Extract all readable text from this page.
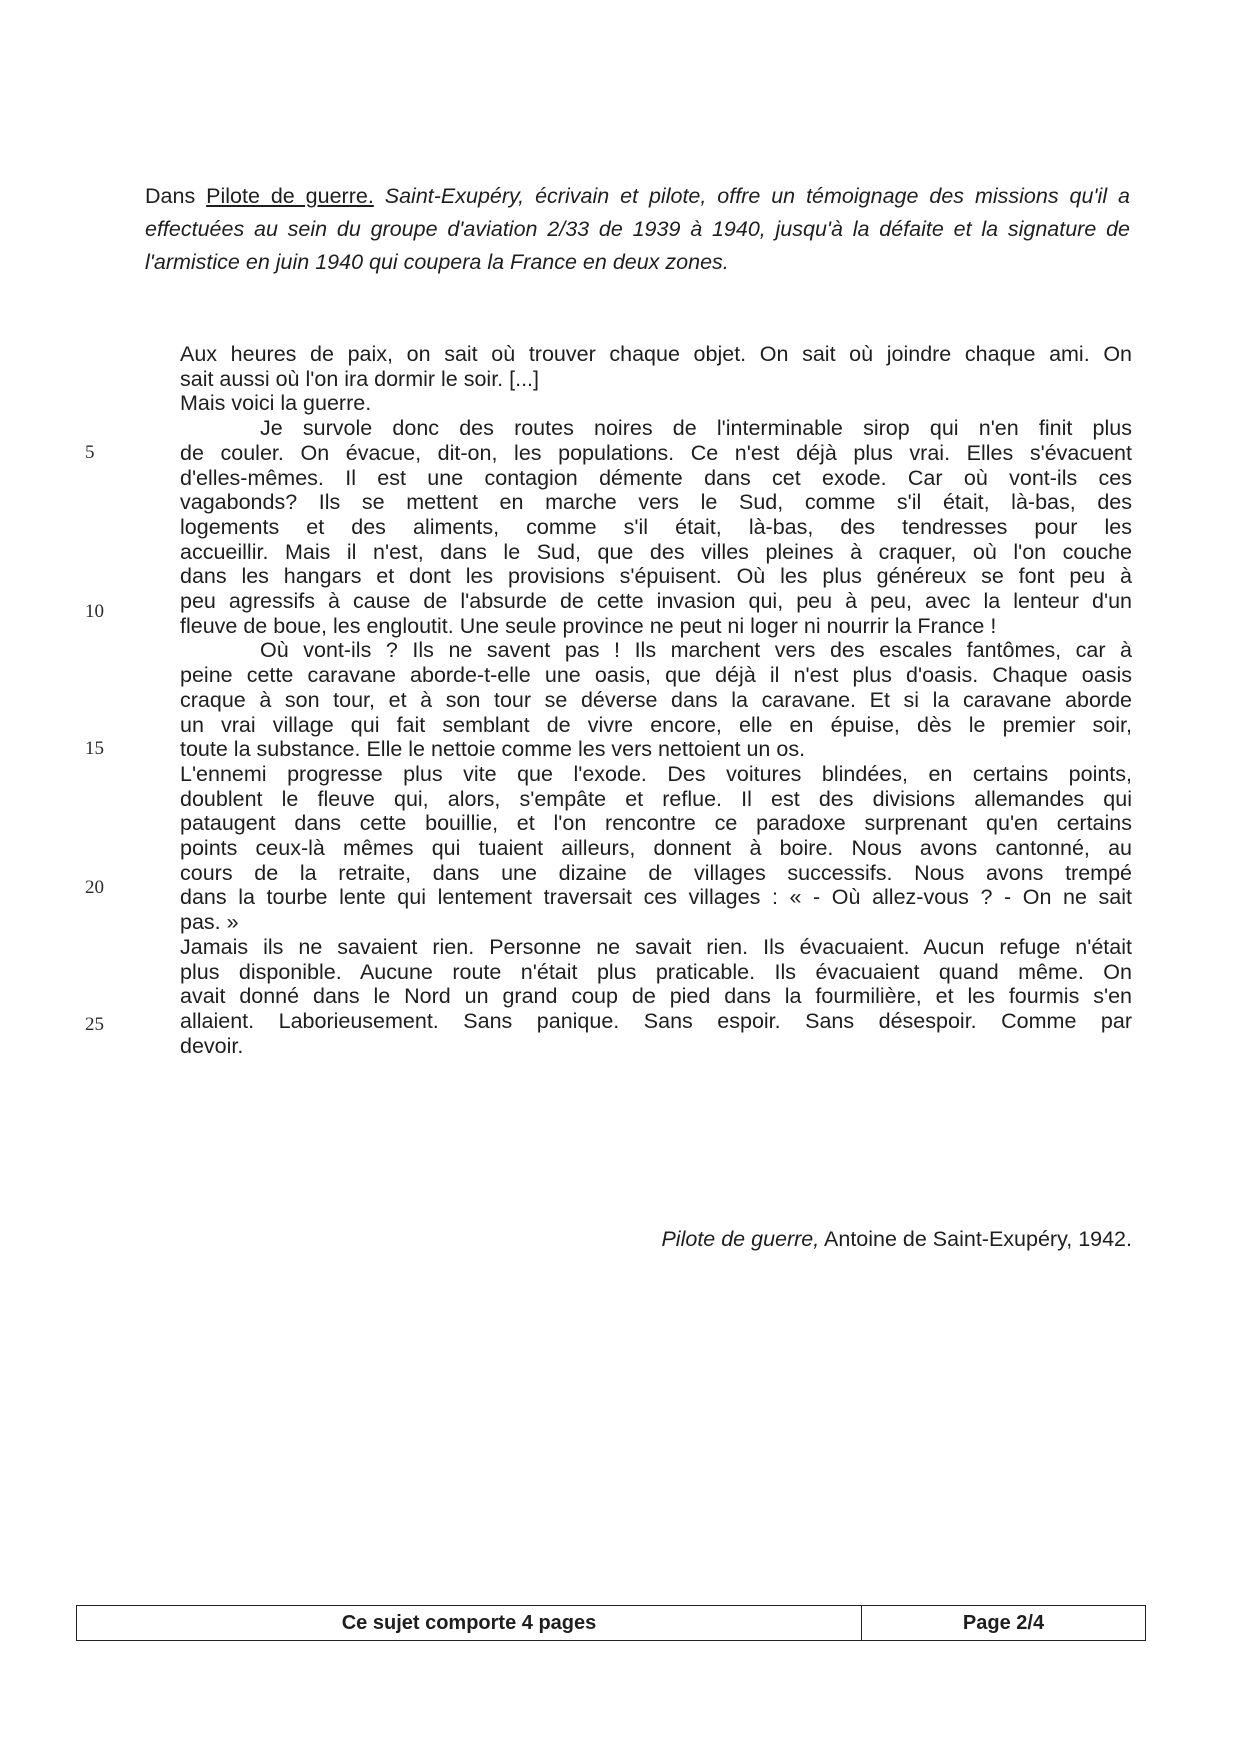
Dans Pilote de guerre. Saint-Exupéry, écrivain et pilote, offre un témoignage des missions qu'il a effectuées au sein du groupe d'aviation 2/33 de 1939 à 1940, jusqu'à la défaite et la signature de l'armistice en juin 1940 qui coupera la France en deux zones.
Aux heures de paix, on sait où trouver chaque objet. On sait où joindre chaque ami. On
sait aussi où l'on ira dormir le soir. [...]
Mais voici la guerre.
Je survole donc des routes noires de l'interminable sirop qui n'en finit plus
de couler. On évacue, dit-on, les populations. Ce n'est déjà plus vrai. Elles s'évacuent
d'elles-mêmes. Il est une contagion démente dans cet exode. Car où vont-ils ces
vagabonds? Ils se mettent en marche vers le Sud, comme s'il était, là-bas, des
logements et des aliments, comme s'il était, là-bas, des tendresses pour les
accueillir. Mais il n'est, dans le Sud, que des villes pleines à craquer, où l'on couche
dans les hangars et dont les provisions s'épuisent. Où les plus généreux se font peu à
peu agressifs à cause de l'absurde de cette invasion qui, peu à peu, avec la lenteur d'un
fleuve de boue, les engloutit. Une seule province ne peut ni loger ni nourrir la France !
Où vont-ils ? Ils ne savent pas ! Ils marchent vers des escales fantômes, car à
peine cette caravane aborde-t-elle une oasis, que déjà il n'est plus d'oasis. Chaque oasis
craque à son tour, et à son tour se déverse dans la caravane. Et si la caravane aborde
un vrai village qui fait semblant de vivre encore, elle en épuise, dès le premier soir,
toute la substance. Elle le nettoie comme les vers nettoient un os.
L'ennemi progresse plus vite que l'exode. Des voitures blindées, en certains points,
doublent le fleuve qui, alors, s'empâte et reflue. Il est des divisions allemandes qui
pataugent dans cette bouillie, et l'on rencontre ce paradoxe surprenant qu'en certains
points ceux-là mêmes qui tuaient ailleurs, donnent à boire. Nous avons cantonné, au
cours de la retraite, dans une dizaine de villages successifs. Nous avons trempé
dans la tourbe lente qui lentement traversait ces villages : « - Où allez-vous ? - On ne sait
pas. »
Jamais ils ne savaient rien. Personne ne savait rien. Ils évacuaient. Aucun refuge n'était
plus disponible. Aucune route n'était plus praticable. Ils évacuaient quand même. On
avait donné dans le Nord un grand coup de pied dans la fourmilière, et les fourmis s'en
allaient. Laborieusement. Sans panique. Sans espoir. Sans désespoir. Comme par
devoir.
5
10
15
20
25
Pilote de guerre, Antoine de Saint-Exupéry, 1942.
Ce sujet comporte 4 pages	Page 2/4
